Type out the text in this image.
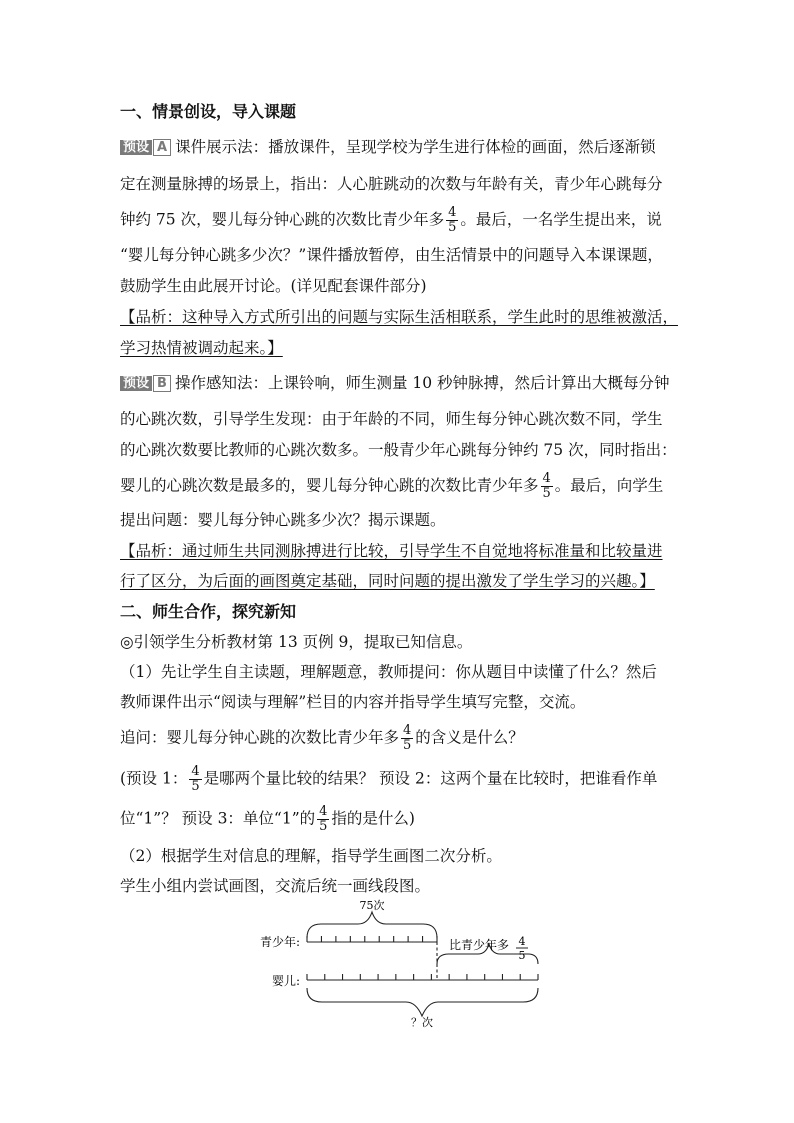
一、情景创设，导入课题
预设 A 课件展示法：播放课件，呈现学校为学生进行体检的画面，然后逐渐锁
定在测量脉搏的场景上，指出：人心脏跳动的次数与年龄有关，青少年心跳每分
钟约 75 次，婴儿每分钟心跳的次数比青少年多 $\frac{4}{5}$ 。最后，一名学生提出来，说
“婴儿每分钟心跳多少次？”课件播放暂停，由生活情景中的问题导入本课课题，
鼓励学生由此展开讨论。(详见配套课件部分)
【品析：这种导入方式所引出的问题与实际生活相联系，学生此时的思维被激活，
学习热情被调动起来。】
预设 B 操作感知法：上课铃响，师生测量 10 秒钟脉搏，然后计算出大概每分钟
的心跳次数，引导学生发现：由于年龄的不同，师生每分钟心跳次数不同，学生
的心跳次数要比教师的心跳次数多。一般青少年心跳每分钟约 75 次，同时指出：
婴儿的心跳次数是最多的，婴儿每分钟心跳的次数比青少年多 $\frac{4}{5}$ 。最后，向学生
提出问题：婴儿每分钟心跳多少次？揭示课题。
【品析：通过师生共同测脉搏进行比较，引导学生不自觉地将标准量和比较量进
行了区分，为后面的画图奠定基础，同时问题的提出激发了学生学习的兴趣。】
二、师生合作，探究新知
◎引领学生分析教材第 13 页例 9，提取已知信息。
（1）先让学生自主读题，理解题意，教师提问：你从题目中读懂了什么？然后
教师课件出示“阅读与理解”栏目的内容并指导学生填写完整，交流。
追问：婴儿每分钟心跳的次数比青少年多 $\frac{4}{5}$ 的含义是什么？
(预设 1： $\frac{4}{5}$ 是哪两个量比较的结果？ 预设 2：这两个量在比较时，把谁看作单
位“1”？ 预设 3：单位“1”的 $\frac{4}{5}$ 指的是什么)
（2）根据学生对信息的理解，指导学生画图二次分析。
学生小组内尝试画图，交流后统一画线段图。
75次
青少年:
婴儿:
比青少年多 4
5
？次
